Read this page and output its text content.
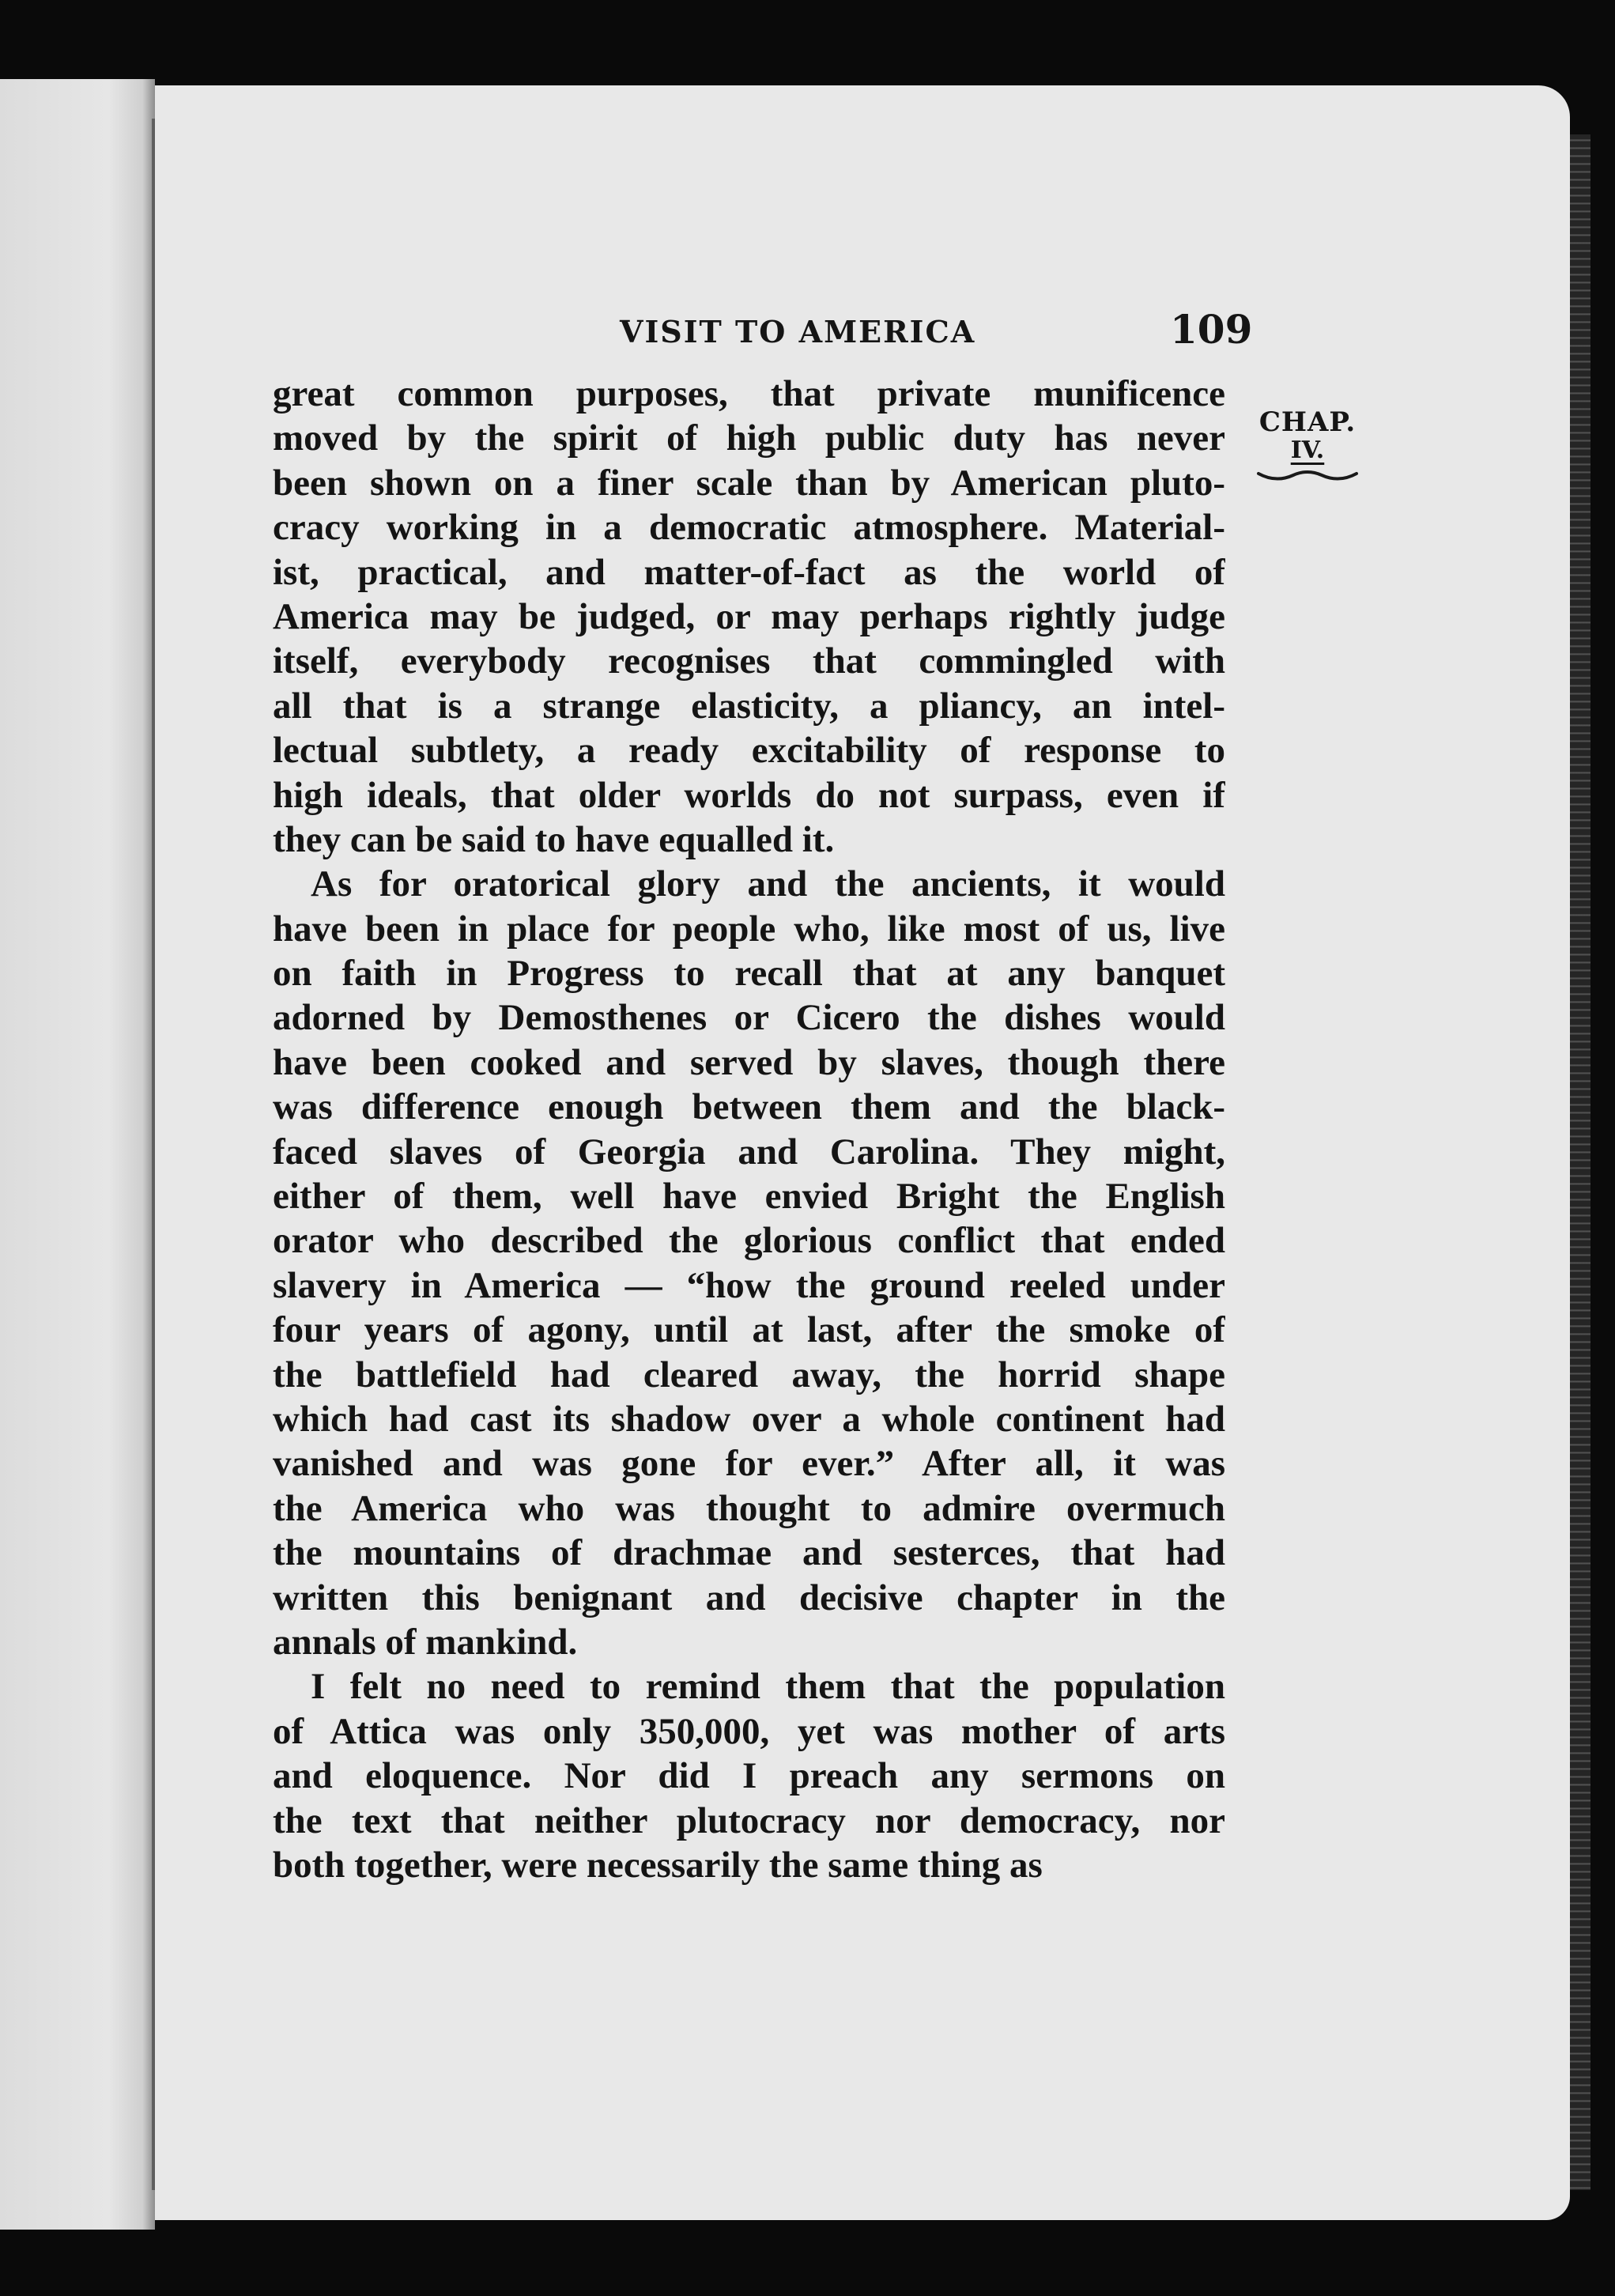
VISIT TO AMERICA	109
CHAP.
IV.
great common purposes, that private munificence
moved by the spirit of high public duty has never
been shown on a finer scale than by American pluto-
cracy working in a democratic atmosphere. Material-
ist, practical, and matter-of-fact as the world of
America may be judged, or may perhaps rightly judge
itself, everybody recognises that commingled with
all that is a strange elasticity, a pliancy, an intel-
lectual subtlety, a ready excitability of response to
high ideals, that older worlds do not surpass, even if
they can be said to have equalled it.
As for oratorical glory and the ancients, it would
have been in place for people who, like most of us, live
on faith in Progress to recall that at any banquet
adorned by Demosthenes or Cicero the dishes would
have been cooked and served by slaves, though there
was difference enough between them and the black-
faced slaves of Georgia and Carolina. They might,
either of them, well have envied Bright the English
orator who described the glorious conflict that ended
slavery in America — “how the ground reeled under
four years of agony, until at last, after the smoke of
the battlefield had cleared away, the horrid shape
which had cast its shadow over a whole continent had
vanished and was gone for ever.” After all, it was
the America who was thought to admire overmuch
the mountains of drachmae and sesterces, that had
written this benignant and decisive chapter in the
annals of mankind.
I felt no need to remind them that the population
of Attica was only 350,000, yet was mother of arts
and eloquence. Nor did I preach any sermons on
the text that neither plutocracy nor democracy, nor
both together, were necessarily the same thing as
